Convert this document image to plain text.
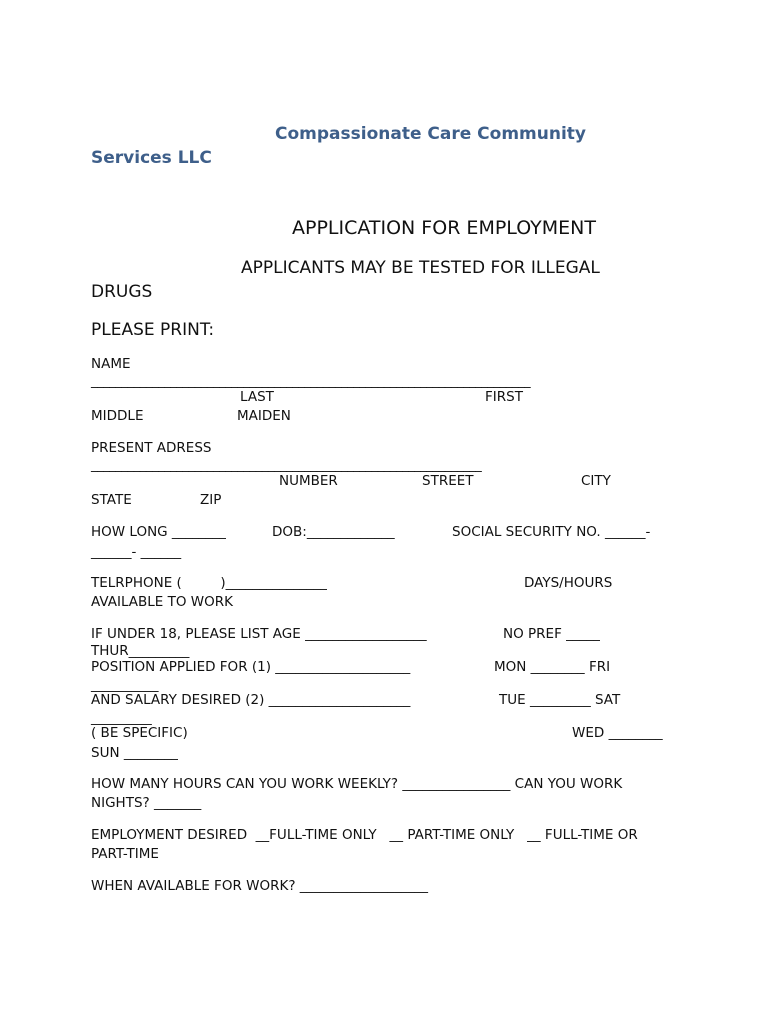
Compassionate Care Community
Services LLC
APPLICATION FOR EMPLOYMENT
APPLICANTS MAY BE TESTED FOR ILLEGAL
DRUGS
PLEASE PRINT:
NAME
________________________________________________________________________
LAST	FIRST
MIDDLE	MAIDEN
PRESENT ADRESS
________________________________________________________________
NUMBER	STREET	CITY
STATE	ZIP
HOW LONG ________	DOB:_____________	SOCIAL SECURITY NO. ______-
______- ______
TELRPHONE (         )_______________	DAYS/HOURS
AVAILABLE TO WORK
IF UNDER 18, PLEASE LIST AGE __________________	NO PREF _____
THUR_________
POSITION APPLIED FOR (1) ____________________	MON ________ FRI
__________
AND SALARY DESIRED (2) _____________________	TUE _________ SAT
_________
( BE SPECIFIC)	WED ________
SUN ________
HOW MANY HOURS CAN YOU WORK WEEKLY? ________________ CAN YOU WORK
NIGHTS? _______
EMPLOYMENT DESIRED  __FULL-TIME ONLY   __ PART-TIME ONLY   __ FULL-TIME OR
PART-TIME
WHEN AVAILABLE FOR WORK? ___________________
